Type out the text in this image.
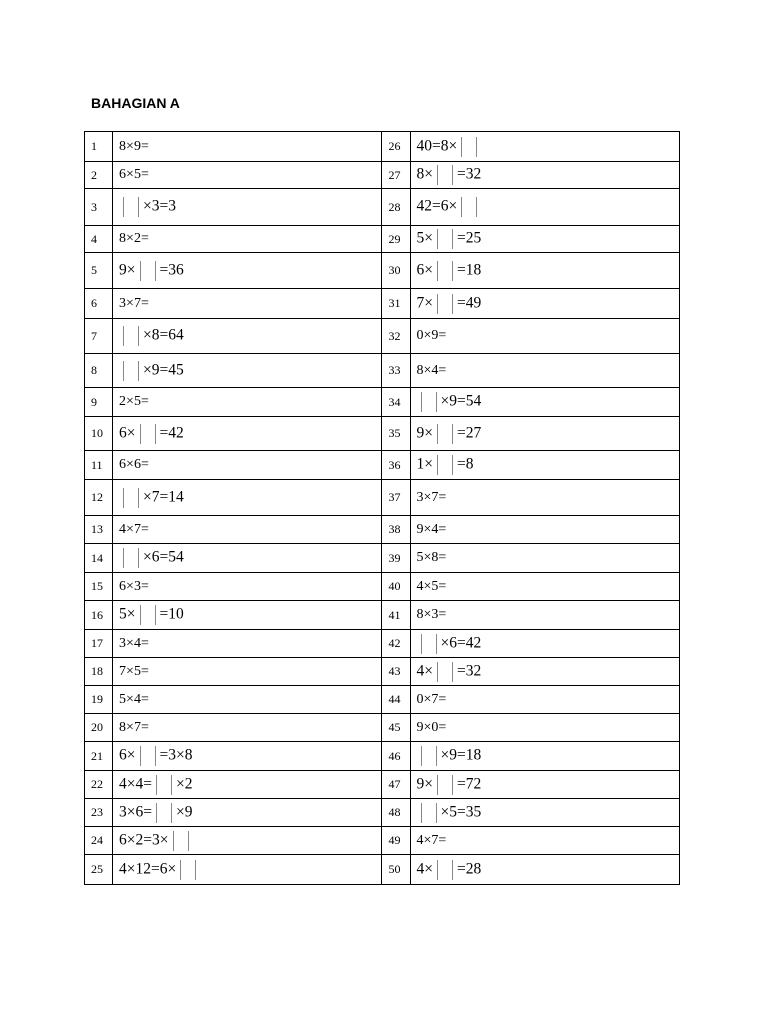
BAHAGIAN A
1	8×9=	26	40=8×
2	6×5=	27	8× =32
3	×3=3	28	42=6×
4	8×2=	29	5× =25
5	9× =36	30	6× =18
6	3×7=	31	7× =49
7	×8=64	32	0×9=
8	×9=45	33	8×4=
9	2×5=	34	×9=54
10	6× =42	35	9× =27
11	6×6=	36	1× =8
12	×7=14	37	3×7=
13	4×7=	38	9×4=
14	×6=54	39	5×8=
15	6×3=	40	4×5=
16	5× =10	41	8×3=
17	3×4=	42	×6=42
18	7×5=	43	4× =32
19	5×4=	44	0×7=
20	8×7=	45	9×0=
21	6× =3×8	46	×9=18
22	4×4= ×2	47	9× =72
23	3×6= ×9	48	×5=35
24	6×2=3×	49	4×7=
25	4×12=6×	50	4× =28
